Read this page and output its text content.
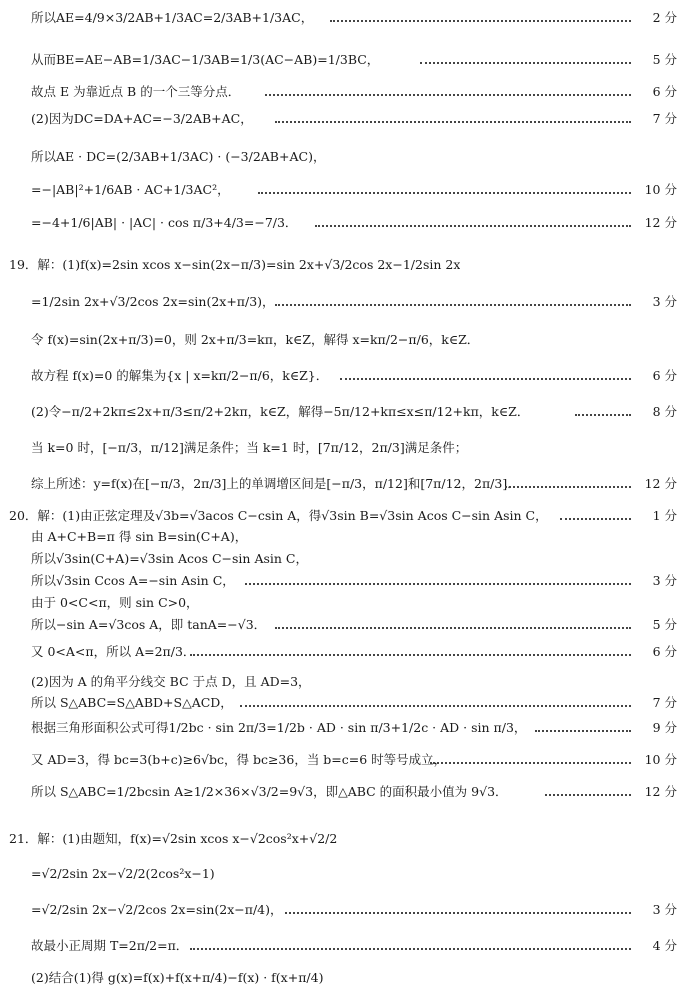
所以AE=4/9×3/2AB+1/3AC=2/3AB+1/3AC，	2 分
从而BE=AE−AB=1/3AC−1/3AB=1/3(AC−AB)=1/3BC，	5 分
故点 E 为靠近点 B 的一个三等分点．	6 分
(2)因为DC=DA+AC=−3/2AB+AC，	7 分
所以AE · DC=(2/3AB+1/3AC) · (−3/2AB+AC)，
=−|AB|²+1/6AB · AC+1/3AC²，	10 分
=−4+1/6|AB| · |AC| · cos π/3+4/3=−7/3．	12 分
19．解：(1)f(x)=2sin xcos x−sin(2x−π/3)=sin 2x+√3/2cos 2x−1/2sin 2x
=1/2sin 2x+√3/2cos 2x=sin(2x+π/3)，	3 分
令 f(x)=sin(2x+π/3)=0，则 2x+π/3=kπ，k∈Z，解得 x=kπ/2−π/6，k∈Z．
故方程 f(x)=0 的解集为{x | x=kπ/2−π/6，k∈Z}．	6 分
(2)令−π/2+2kπ≤2x+π/3≤π/2+2kπ，k∈Z，解得−5π/12+kπ≤x≤π/12+kπ，k∈Z．	8 分
当 k=0 时，[−π/3，π/12]满足条件；当 k=1 时，[7π/12，2π/3]满足条件；
综上所述：y=f(x)在[−π/3，2π/3]上的单调增区间是[−π/3，π/12]和[7π/12，2π/3]．	12 分
20．解：(1)由正弦定理及√3b=√3acos C−csin A，得√3sin B=√3sin Acos C−sin Asin C，	1 分
由 A+C+B=π 得 sin B=sin(C+A)，
所以√3sin(C+A)=√3sin Acos C−sin Asin C，
所以√3sin Ccos A=−sin Asin C，	3 分
由于 0<C<π，则 sin C>0，
所以−sin A=√3cos A，即 tanA=−√3．	5 分
又 0<A<π，所以 A=2π/3．	6 分
(2)因为 A 的角平分线交 BC 于点 D，且 AD=3，
所以 S△ABC=S△ABD+S△ACD，	7 分
根据三角形面积公式可得1/2bc · sin 2π/3=1/2b · AD · sin π/3+1/2c · AD · sin π/3，	9 分
又 AD=3，得 bc=3(b+c)≥6√bc，得 bc≥36，当 b=c=6 时等号成立，	10 分
所以 S△ABC=1/2bcsin A≥1/2×36×√3/2=9√3，即△ABC 的面积最小值为 9√3．	12 分
21．解：(1)由题知，f(x)=√2sin xcos x−√2cos²x+√2/2
=√2/2sin 2x−√2/2(2cos²x−1)
=√2/2sin 2x−√2/2cos 2x=sin(2x−π/4)，	3 分
故最小正周期 T=2π/2=π．	4 分
(2)结合(1)得 g(x)=f(x)+f(x+π/4)−f(x) · f(x+π/4)
